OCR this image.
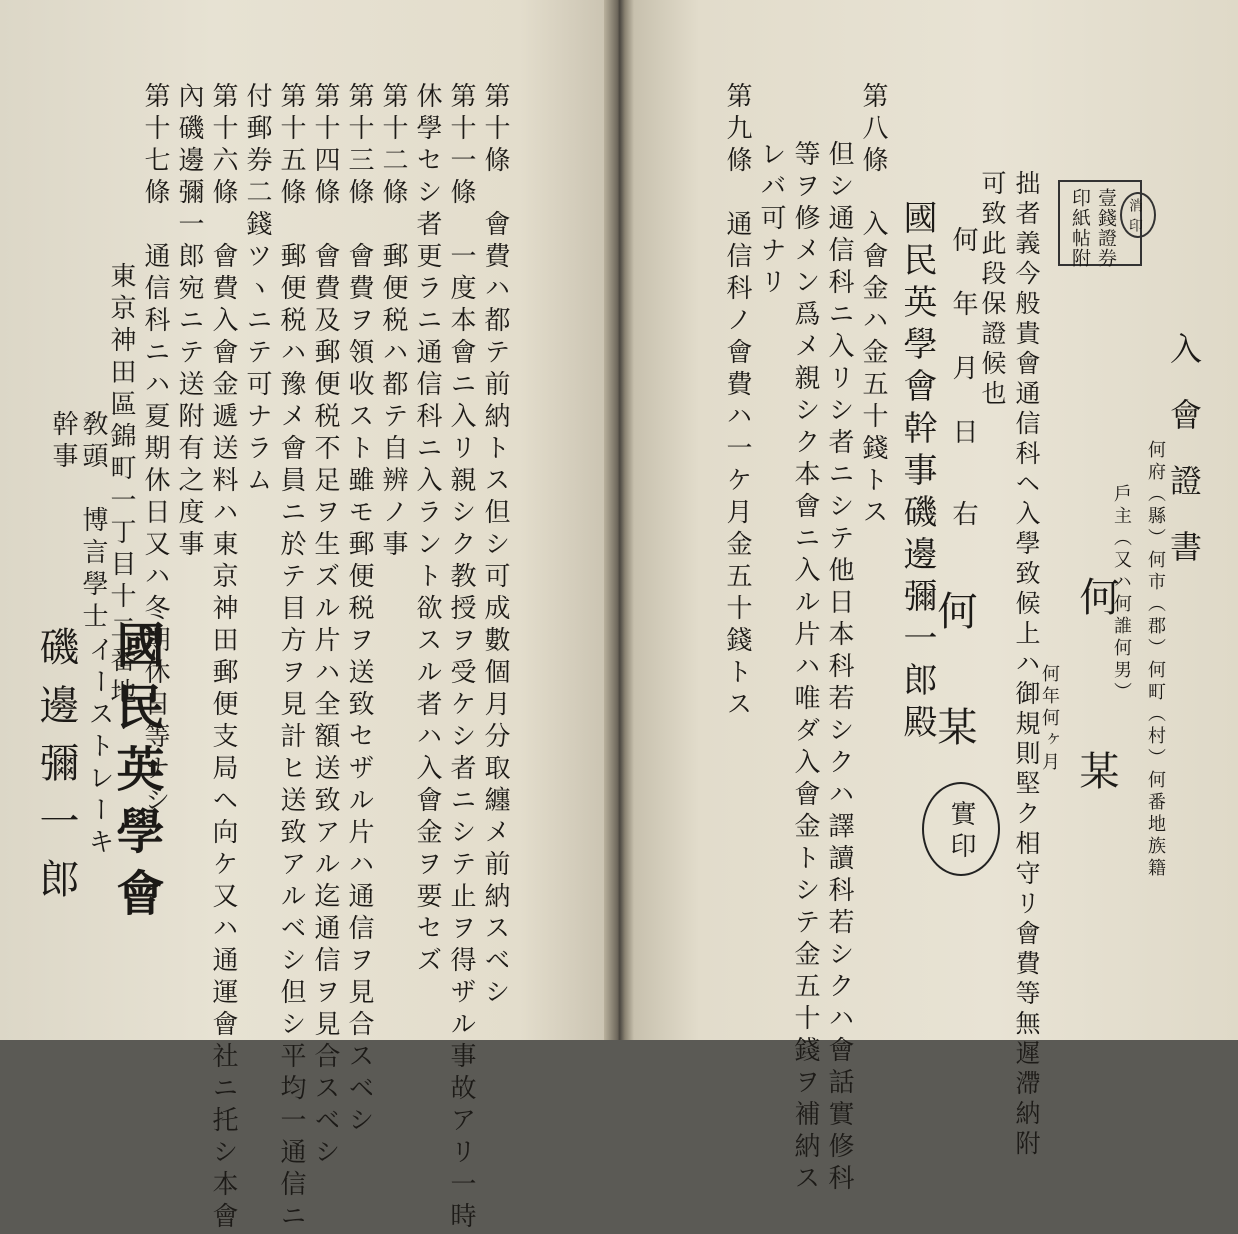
第十條　會費ハ都テ前納トス但シ可成數個月分取纏メ前納スベシ
第十一條　一度本會ニ入リ親シク教授ヲ受ケシ者ニシテ止ヲ得ザル事故アリ一時
休學セシ者更ラニ通信科ニ入ラント欲スル者ハ入會金ヲ要セズ
第十二條　郵便税ハ都テ自辨ノ事
第十三條　會費ヲ領收スト雖モ郵便税ヲ送致セザル片ハ通信ヲ見合スベシ
第十四條　會費及郵便税不足ヲ生ズル片ハ全額送致アル迄通信ヲ見合スベシ
第十五條　郵便税ハ豫メ會員ニ於テ目方ヲ見計ヒ送致アルベシ但シ平均一通信ニ
付郵券二錢ツヽニテ可ナラム
第十六條　會費入會金遞送料ハ東京神田郵便支局ヘ向ケ又ハ通運會社ニ托シ本會
內磯邊彌一郎宛ニテ送附有之度事
第十七條　通信科ニハ夏期休日又ハ冬期休日等ナシ
東京神田區錦町一丁目十二番地
敎頭　博言學士
幹事
國民英學會
イーストレーキ
磯邊彌一郎
入會證書
何府（縣）何市（郡）何町（村）何番地族籍
戶主（又ハ何誰何男）
何　　某
何年何ヶ月
印紙帖附 壹錢證券 消印
拙者義今般貴會通信科ヘ入學致候上ハ御規則堅ク相守リ會費等無遲滯納附
可致此段保證候也
何　年　月　日
右
何　某
實印
國民英學會幹事磯邊彌一郎殿
第八條　入會金ハ金五十錢トス
但シ通信科ニ入リシ者ニシテ他日本科若シクハ譯讀科若シクハ會話實修科
等ヲ修メン爲メ親シク本會ニ入ル片ハ唯ダ入會金トシテ金五十錢ヲ補納ス
レバ可ナリ
第九條　通信科ノ會費ハ一ケ月金五十錢トス
